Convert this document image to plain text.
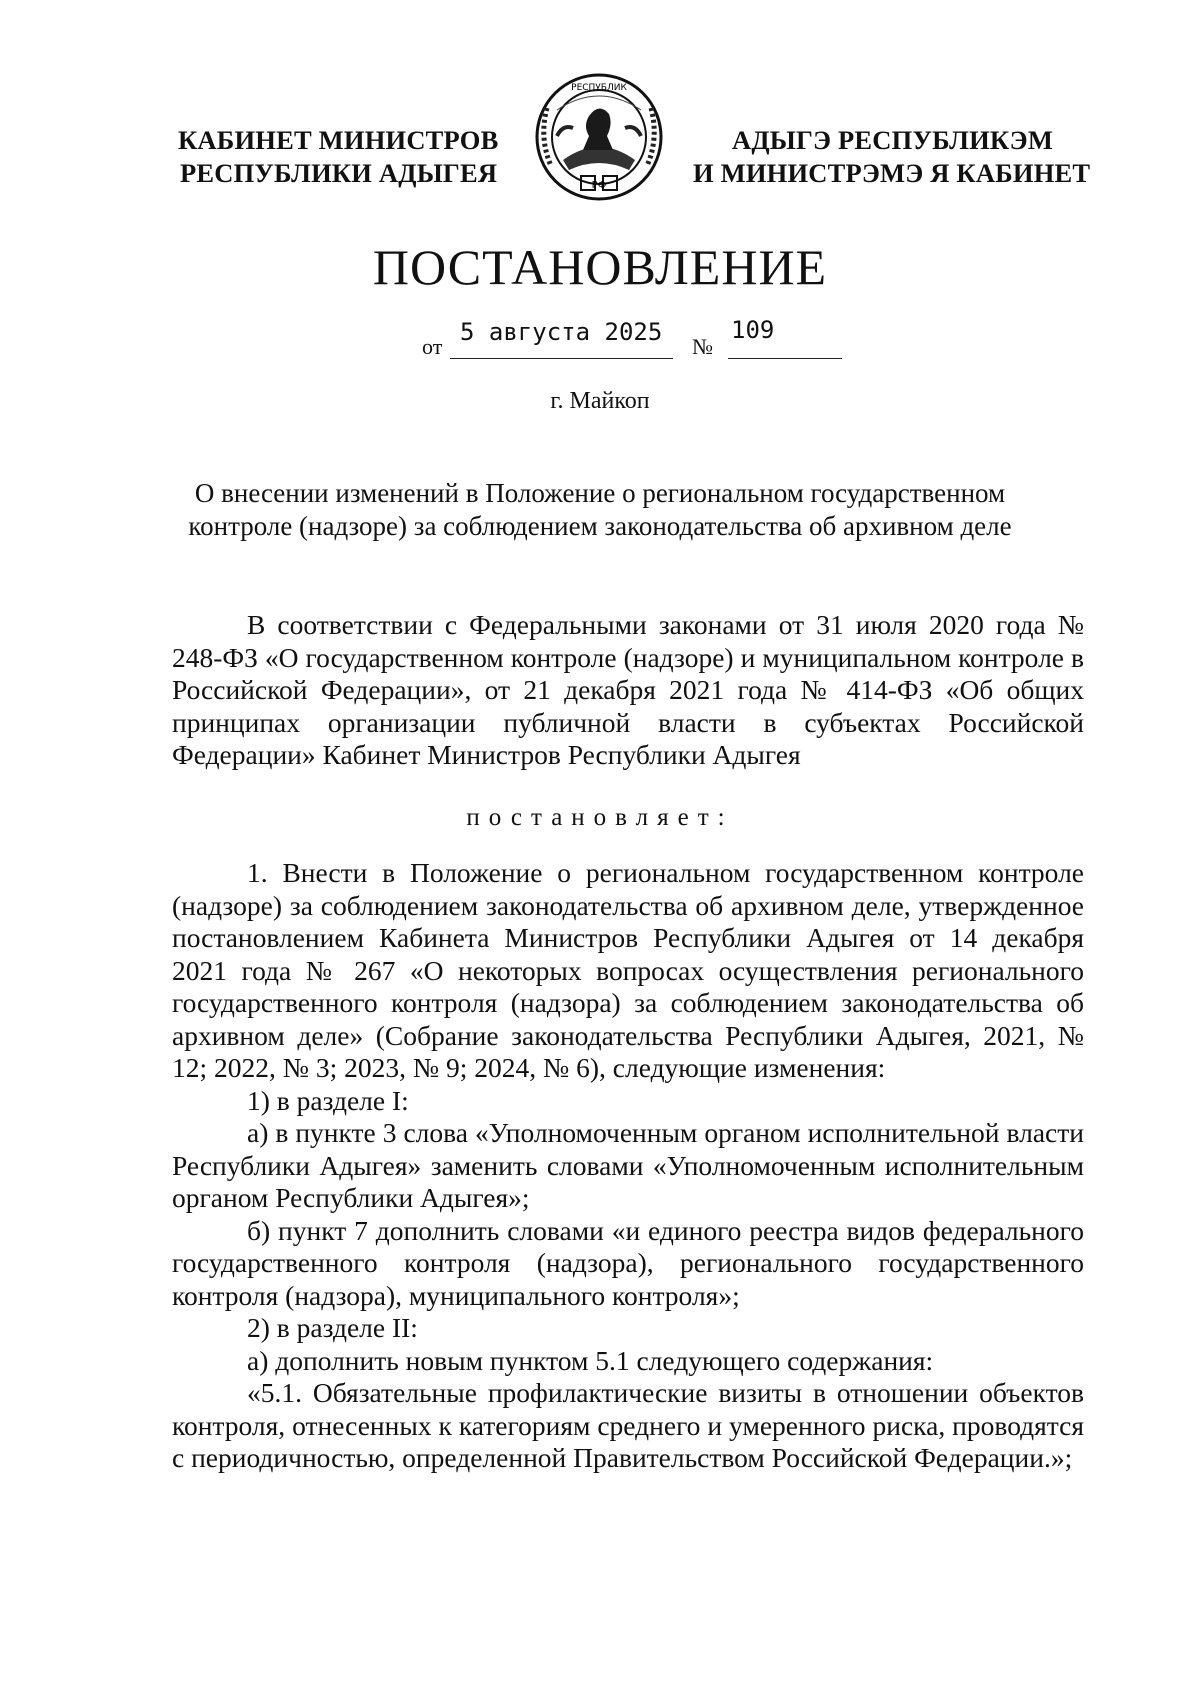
КАБИНЕТ МИНИСТРОВ
РЕСПУБЛИКИ АДЫГЕЯ
РЕСПУБЛИК
РФ
АДЫГЭ РЕСПУБЛИКЭМ
И МИНИСТРЭМЭ Я КАБИНЕТ
ПОСТАНОВЛЕНИЕ
от
5 августа 2025
№
109
г. Майкоп
О внесении изменений в Положение о региональном государственном
контроле (надзоре) за соблюдением законодательства об архивном деле

В соответствии с Федеральными законами от 31 июля 2020 года № 248-ФЗ «О государственном контроле (надзоре) и муниципальном контроле в Российской Федерации», от 21 декабря 2021 года № 414-ФЗ «Об общих принципах организации публичной власти в субъектах Российской Федерации» Кабинет Министров Республики Адыгея

постановляет:

1. Внести в Положение о региональном государственном контроле (надзоре) за соблюдением законодательства об архивном деле, утвержденное постановлением Кабинета Министров Республики Адыгея от 14 декабря 2021 года № 267 «О некоторых вопросах осуществления регионального государственного контроля (надзора) за соблюдением законодательства об архивном деле» (Собрание законодательства Республики Адыгея, 2021, № 12; 2022, № 3; 2023, № 9; 2024, № 6), следующие изменения:

1) в разделе I:

а) в пункте 3 слова «Уполномоченным органом исполнительной власти Республики Адыгея» заменить словами «Уполномоченным исполнительным органом Республики Адыгея»;

б) пункт 7 дополнить словами «и единого реестра видов федерального государственного контроля (надзора), регионального государственного контроля (надзора), муниципального контроля»;

2) в разделе II:

а) дополнить новым пунктом 5.1 следующего содержания:

«5.1. Обязательные профилактические визиты в отношении объектов контроля, отнесенных к категориям среднего и умеренного риска, проводятся с периодичностью, определенной Правительством Российской Федерации.»;
